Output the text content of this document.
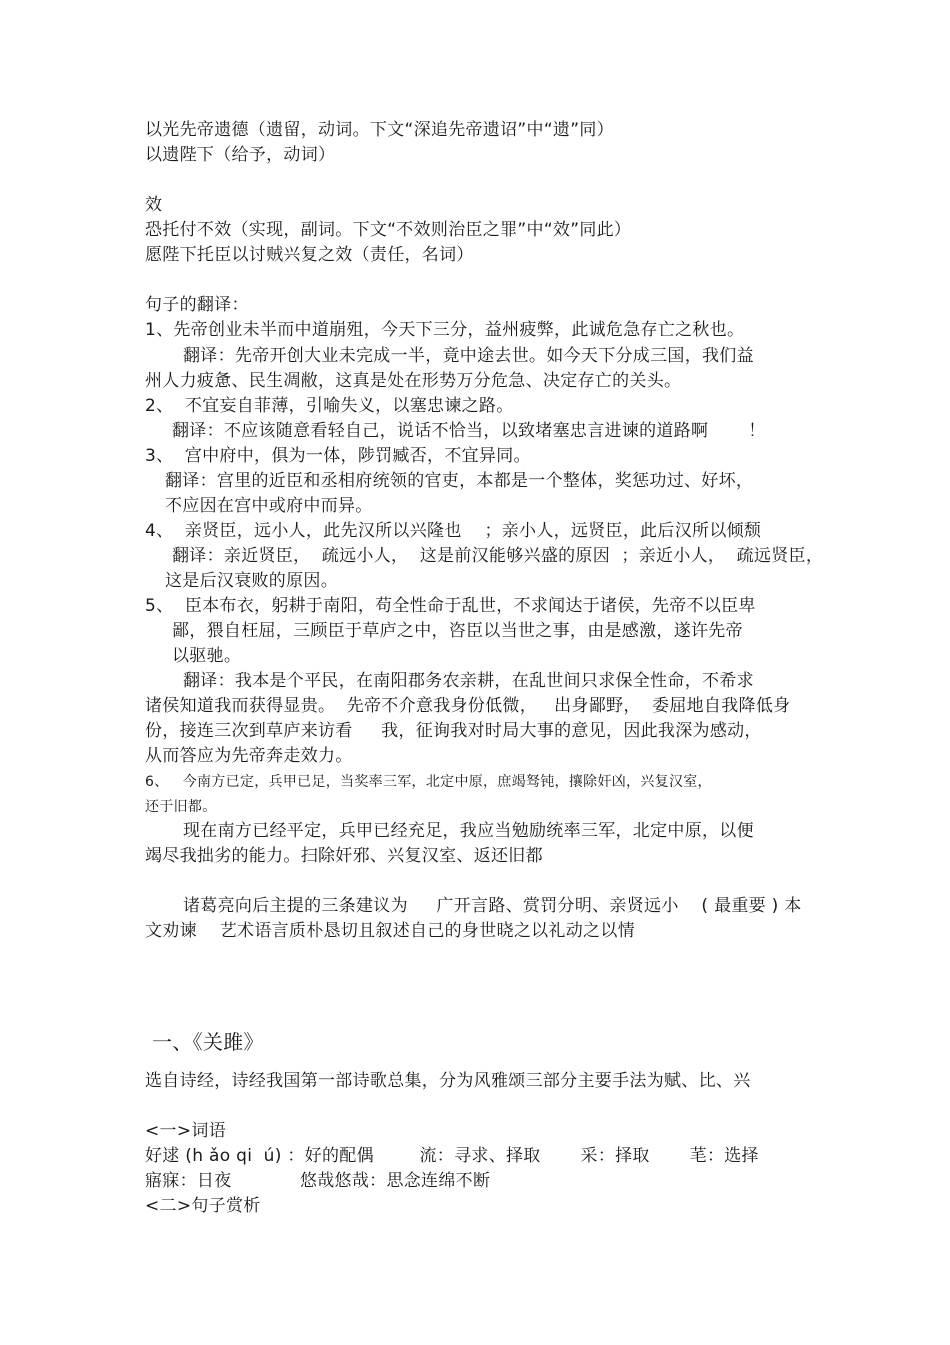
以光先帝遗德（遗留，动词。下文“深追先帝遗诏”中“遗”同）
以遗陛下（给予，动词）
效
恐托付不效（实现，副词。下文“不效则治臣之罪”中“效”同此）
愿陛下托臣以讨贼兴复之效（责任，名词）
句子的翻译：
1、先帝创业未半而中道崩殂，今天下三分，益州疲弊，此诚危急存亡之秋也。
翻译：先帝开创大业未完成一半，竟中途去世。如今天下分成三国，我们益
州人力疲惫、民生凋敝，这真是处在形势万分危急、决定存亡的关头。
2、  不宜妄自菲薄，引喻失义，以塞忠谏之路。
翻译：不应该随意看轻自己，说话不恰当，以致堵塞忠言进谏的道路啊       ！
3、  宫中府中，俱为一体，陟罚臧否，不宜异同。
翻译：宫里的近臣和丞相府统领的官吏，本都是一个整体，奖惩功过、好坏，
不应因在宫中或府中而异。
4、  亲贤臣，远小人，此先汉所以兴隆也    ；亲小人，远贤臣，此后汉所以倾颓
翻译：亲近贤臣，  疏远小人，  这是前汉能够兴盛的原因  ；亲近小人，  疏远贤臣，
这是后汉衰败的原因。
5、  臣本布衣，躬耕于南阳，苟全性命于乱世，不求闻达于诸侯，先帝不以臣卑
鄙，猥自枉屈，三顾臣于草庐之中，咨臣以当世之事，由是感激，遂许先帝
以驱驰。
翻译：我本是个平民，在南阳郡务农亲耕，在乱世间只求保全性命，不希求
诸侯知道我而获得显贵。  先帝不介意我身份低微，   出身鄙野，  委屈地自我降低身
份，接连三次到草庐来访看     我，征询我对时局大事的意见，因此我深为感动，
从而答应为先帝奔走效力。
6、   今南方已定，兵甲已足，当奖率三军，北定中原，庶竭驽钝，攘除奸凶，兴复汉室，
还于旧都。
现在南方已经平定，兵甲已经充足，我应当勉励统率三军，北定中原，以便
竭尽我拙劣的能力。扫除奸邪、兴复汉室、返还旧都
诸葛亮向后主提的三条建议为     广开言路、赏罚分明、亲贤远小    ( 最重要 ) 本
文劝谏    艺术语言质朴恳切且叙述自己的身世晓之以礼动之以情
一、《关雎》
选自诗经，诗经我国第一部诗歌总集，分为风雅颂三部分主要手法为赋、比、兴
<一>词语
好逑 (h ǎo qi  ú) ：好的配偶        流：寻求、择取       采：择取       芼：选择
寤寐：日夜            悠哉悠哉：思念连绵不断
<二>句子赏析
